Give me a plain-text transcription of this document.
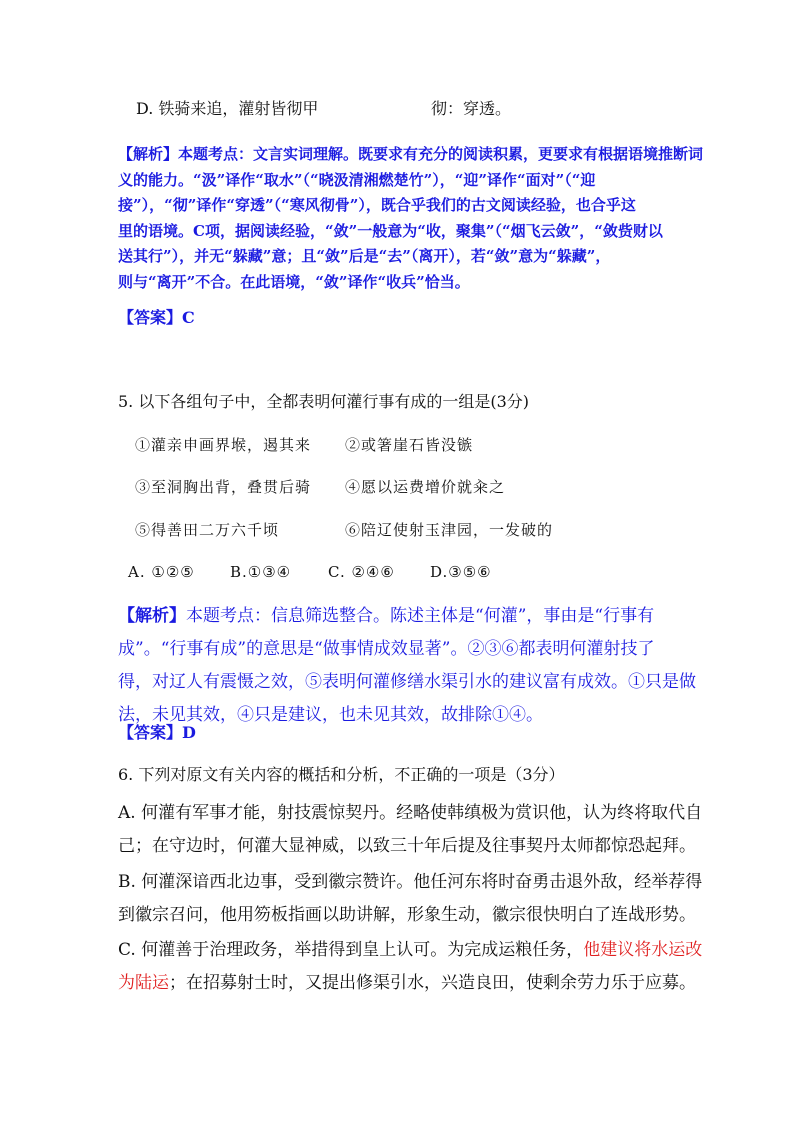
D. 铁骑来追，灌射皆彻甲	彻：穿透。
【解析】本题考点：文言实词理解。既要求有充分的阅读积累，更要求有根据语境推断词
义的能力。“汲”译作“取水”（“晓汲清湘燃楚竹”），“迎”译作“面对”（“迎
接”），“彻”译作“穿透”（“寒风彻骨”），既合乎我们的古文阅读经验，也合乎这
里的语境。C项，据阅读经验，“敛”一般意为“收，聚集”（“烟飞云敛”，“敛赀财以
送其行”），并无“躲藏”意；且“敛”后是“去”（离开），若“敛”意为“躲藏”，
则与“离开”不合。在此语境，“敛”译作“收兵”恰当。
【答案】C
5. 以下各组句子中，全都表明何灌行事有成的一组是(3分)
①灌亲申画界堠，遏其来 ②或箸崖石皆没镞
③至洞胸出背，叠贯后骑 ④愿以运费增价就籴之
⑤得善田二万六千顷	⑥陪辽使射玉津园，一发破的
A. ①②⑤ B.①③④ C. ②④⑥ D.③⑤⑥
【解析】本题考点：信息筛选整合。陈述主体是“何灌”，事由是“行事有
成”。“行事有成”的意思是“做事情成效显著”。②③⑥都表明何灌射技了
得，对辽人有震慑之效，⑤表明何灌修缮水渠引水的建议富有成效。①只是做
法，未见其效，④只是建议，也未见其效，故排除①④。
【答案】D
6. 下列对原文有关内容的概括和分析，不正确的一项是（3分）
A. 何灌有军事才能，射技震惊契丹。经略使韩缜极为赏识他，认为终将取代自
己；在守边时，何灌大显神威，以致三十年后提及往事契丹太师都惊恐起拜。
B. 何灌深谙西北边事，受到徽宗赞许。他任河东将时奋勇击退外敌，经举荐得
到徽宗召问，他用笏板指画以助讲解，形象生动，徽宗很快明白了连战形势。
C. 何灌善于治理政务，举措得到皇上认可。为完成运粮任务，他建议将水运改
为陆运；在招募射士时，又提出修渠引水，兴造良田，使剩余劳力乐于应募。
